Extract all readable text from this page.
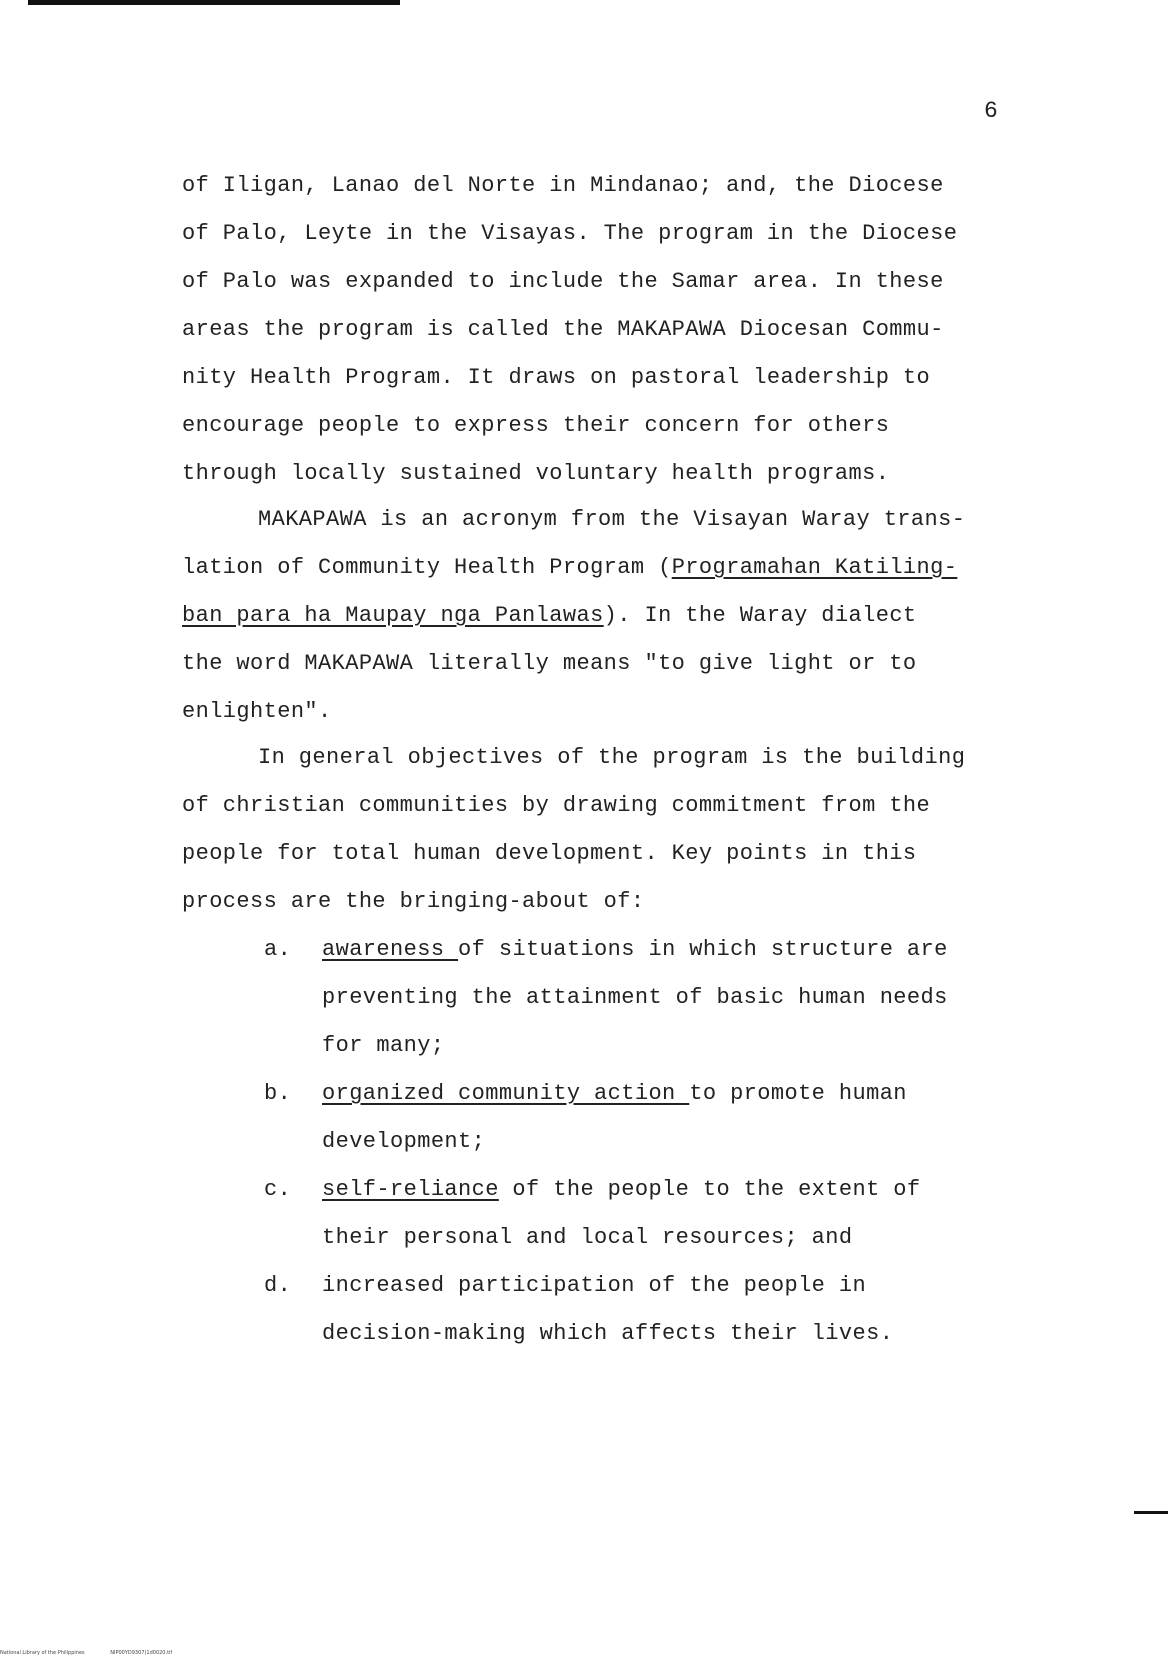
6
of Iligan, Lanao del Norte in Mindanao; and, the Diocese
of Palo, Leyte in the Visayas. The program in the Diocese
of Palo was expanded to include the Samar area. In these
areas the program is called the MAKAPAWA Diocesan Commu-
nity Health Program. It draws on pastoral leadership to
encourage people to express their concern for others
through locally sustained voluntary health programs.
MAKAPAWA is an acronym from the Visayan Waray trans-
lation of Community Health Program (Programahan Katiling-
ban para ha Maupay nga Panlawas). In the Waray dialect
the word MAKAPAWA literally means "to give light or to
enlighten".
In general objectives of the program is the building
of christian communities by drawing commitment from the
people for total human development. Key points in this
process are the bringing-about of:
a.	awareness of situations in which structure are
preventing the attainment of basic human needs
for many;
b.	organized community action to promote human
development;
c.	self-reliance of the people to the extent of
their personal and local resources; and
d.	increased participation of the people in
decision-making which affects their lives.
National Library of the Philippines	NIP00YD9307(1d0020.tif
